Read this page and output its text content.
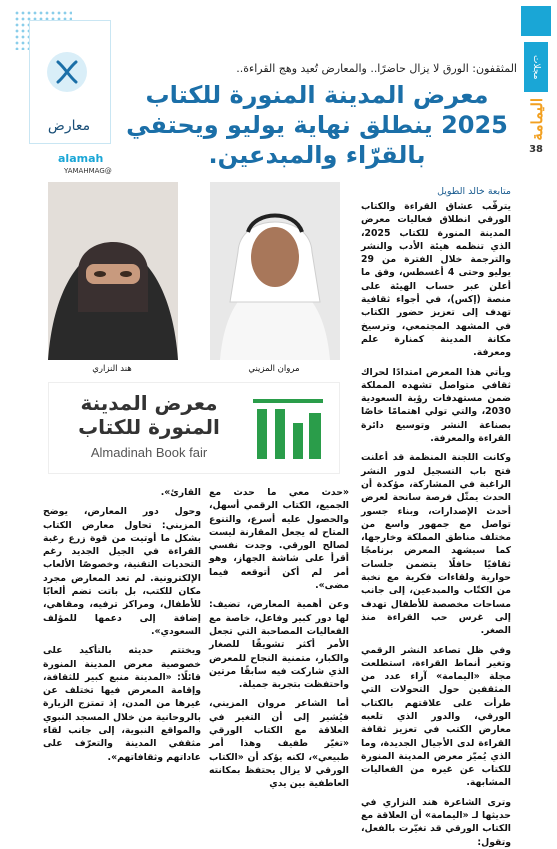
مجلات
اليمامة
38
معارض
المثقفون: الورق لا يزال حاضرًا.. والمعارض تُعيد وهج القراءة..
معرض المدينة المنورة للكتاب 2025 ينطلق نهاية يوليو ويحتفي بالقرّاء والمبدعين.
alamah
@YAMAHMAG
مروان المزيني
هند النزاري
معرض المدينة
المنورة للكتاب
Almadinah Book fair
متابعة خالد الطويل

يترقّب عشاق القراءة والكتاب الورقي انطلاق فعاليات معرض المدينة المنورة للكتاب 2025، الذي تنظمه هيئة الأدب والنشر والترجمة خلال الفترة من 29 يوليو وحتى 4 أغسطس، وفق ما أعلن عبر حساب الهيئة على منصة (إكس)، في أجواء ثقافية تهدف إلى تعزيز حضور الكتاب في المشهد المجتمعي، وترسيخ مكانة المدينة كمنارة علم ومعرفة.

ويأتي هذا المعرض امتدادًا لحراك ثقافي متواصل تشهده المملكة ضمن مستهدفات رؤية السعودية 2030، والتي تولي اهتمامًا خاصًا بصناعة النشر وتوسيع دائرة القراءة والمعرفة.

وكانت اللجنة المنظمة قد أعلنت فتح باب التسجيل لدور النشر الراغبة في المشاركة، مؤكدة أن الحدث يمثّل فرصة سانحة لعرض أحدث الإصدارات، وبناء جسور تواصل مع جمهور واسع من مختلف مناطق المملكة وخارجها، كما سيشهد المعرض برنامجًا ثقافيًا حافلًا يتضمن جلسات حوارية ولقاءات فكرية مع نخبة من الكتّاب والمبدعين، إلى جانب مساحات مخصصة للأطفال تهدف إلى غرس حب القراءة منذ الصغر.

وفي ظل تصاعد النشر الرقمي وتغير أنماط القراءة، استطلعت مجلة «اليمامة» آراء عدد من المثقفين حول التحولات التي طرأت على علاقتهم بالكتاب الورقي، والدور الذي تلعبه معارض الكتب في تعزيز ثقافة القراءة لدى الأجيال الجديدة، وما الذي يُميّز معرض المدينة المنورة للكتاب عن غيره من الفعاليات المشابهة.

وترى الشاعرة هند النزاري في حديثها لـ «اليمامة» أن العلاقة مع الكتاب الورقي قد تغيّرت بالفعل، وتقول:

«حدث معي ما حدث مع الجميع، الكتاب الرقمي أسهل، والحصول عليه أسرع، والتنوع المتاح له يجعل المقارنة ليست لصالح الورقي. وجدت نفسي أقرأ على شاشة الجهاز، وهو أمر لم أكن أتوقعه فيما مضى».

وعن أهمية المعارض، تضيف: لها دور كبير وفاعل، خاصة مع الفعاليات المصاحبة التي تجعل الأمر أكثر تشويقًا للصغار والكبار، متمنية النجاح للمعرض الذي شاركت فيه سابقًا مرتين واحتفظت بتجربة جميلة.

أما الشاعر مروان المزيني، فيُشير إلى أن التغير في العلاقة مع الكتاب الورقي «تغيّر طفيف وهذا أمر طبيعي»، لكنه يؤكد أن «الكتاب الورقي لا يزال يحتفظ بمكانته العاطفية بين يدي

القارئ».

وحول دور المعارض، يوضح المزيني: تحاول معارض الكتاب بشكل ما أوتيت من قوة زرع رغبة القراءة في الجيل الجديد رغم التحديات التقنية، وخصوصًا الألعاب الإلكترونية. لم تعد المعارض مجرد مكان للكتب، بل باتت تضم ألعابًا للأطفال، ومراكز ترفيه، ومقاهي، إضافة إلى دعمها للمؤلف السعودي».

ويختتم حديثه بالتأكيد على خصوصية معرض المدينة المنورة قائلًا: «المدينة منبع كبير للثقافة، وإقامة المعرض فيها تختلف عن غيرها من المدن، إذ تمتزج الزيارة بالروحانية من خلال المسجد النبوي والمواقع النبوية، إلى جانب لقاء مثقفي المدينة والتعرّف على عاداتهم وثقافاتهم».
